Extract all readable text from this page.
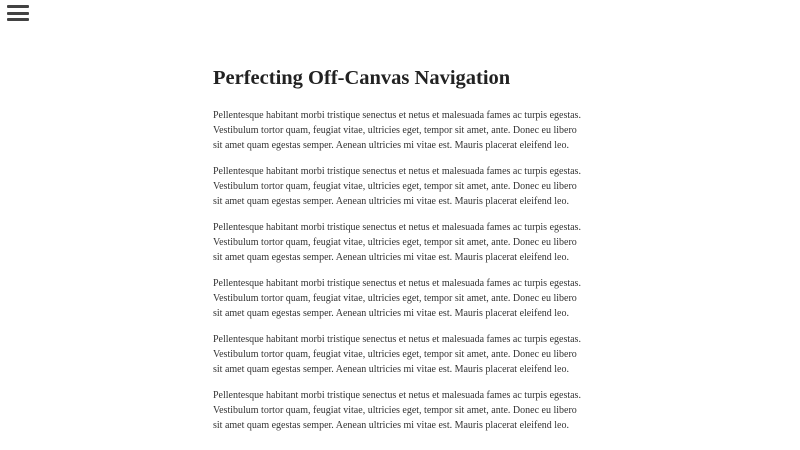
Perfecting Off-Canvas Navigation

Pellentesque habitant morbi tristique senectus et netus et malesuada fames ac turpis egestas. Vestibulum tortor quam, feugiat vitae, ultricies eget, tempor sit amet, ante. Donec eu libero sit amet quam egestas semper. Aenean ultricies mi vitae est. Mauris placerat eleifend leo.

Pellentesque habitant morbi tristique senectus et netus et malesuada fames ac turpis egestas. Vestibulum tortor quam, feugiat vitae, ultricies eget, tempor sit amet, ante. Donec eu libero sit amet quam egestas semper. Aenean ultricies mi vitae est. Mauris placerat eleifend leo.

Pellentesque habitant morbi tristique senectus et netus et malesuada fames ac turpis egestas. Vestibulum tortor quam, feugiat vitae, ultricies eget, tempor sit amet, ante. Donec eu libero sit amet quam egestas semper. Aenean ultricies mi vitae est. Mauris placerat eleifend leo.

Pellentesque habitant morbi tristique senectus et netus et malesuada fames ac turpis egestas. Vestibulum tortor quam, feugiat vitae, ultricies eget, tempor sit amet, ante. Donec eu libero sit amet quam egestas semper. Aenean ultricies mi vitae est. Mauris placerat eleifend leo.

Pellentesque habitant morbi tristique senectus et netus et malesuada fames ac turpis egestas. Vestibulum tortor quam, feugiat vitae, ultricies eget, tempor sit amet, ante. Donec eu libero sit amet quam egestas semper. Aenean ultricies mi vitae est. Mauris placerat eleifend leo.

Pellentesque habitant morbi tristique senectus et netus et malesuada fames ac turpis egestas. Vestibulum tortor quam, feugiat vitae, ultricies eget, tempor sit amet, ante. Donec eu libero sit amet quam egestas semper. Aenean ultricies mi vitae est. Mauris placerat eleifend leo.
